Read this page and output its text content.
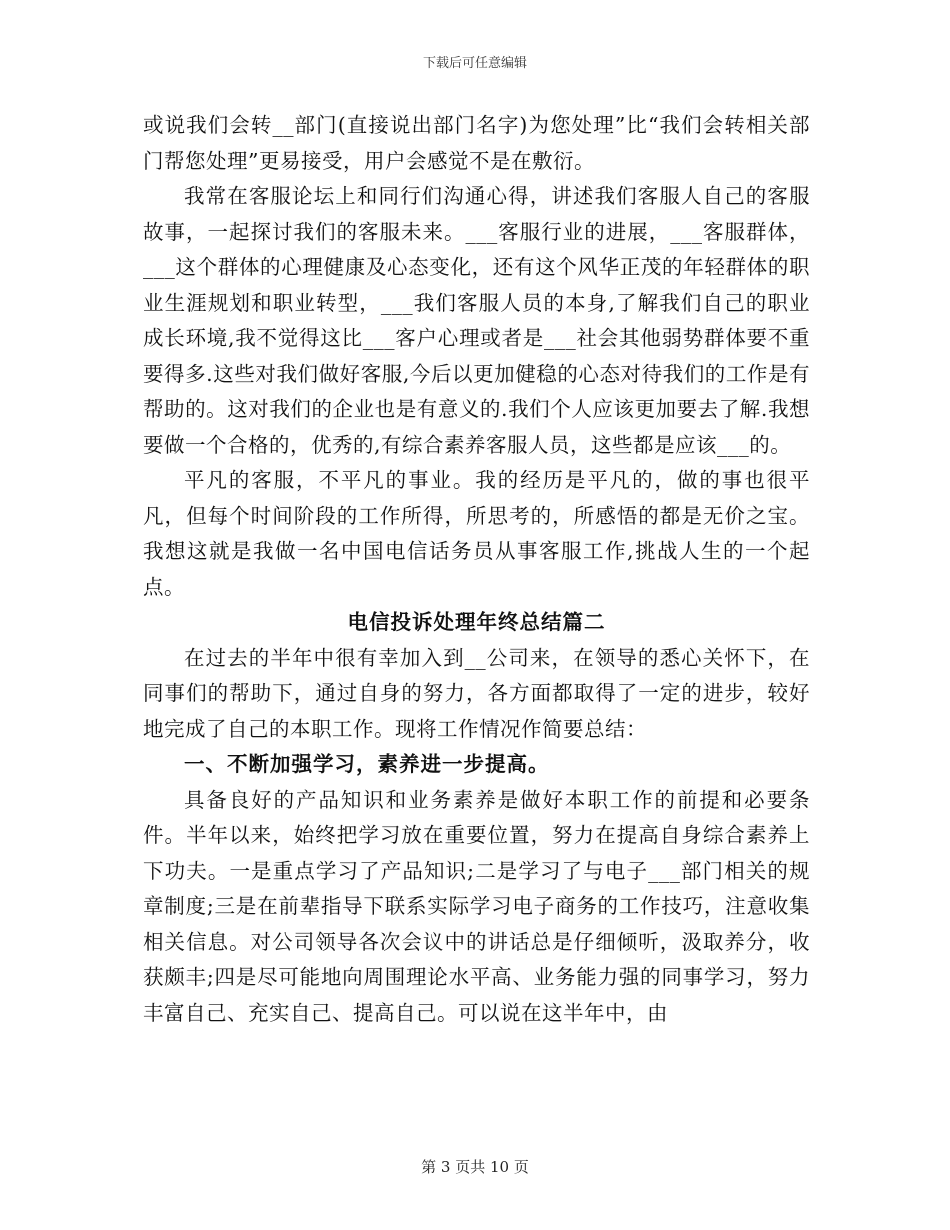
下载后可任意编辑

或说我们会转__部门(直接说出部门名字)为您处理”比“我们会转相关部门帮您处理”更易接受，用户会感觉不是在敷衍。

我常在客服论坛上和同行们沟通心得，讲述我们客服人自己的客服故事，一起探讨我们的客服未来。___客服行业的进展，___客服群体，___这个群体的心理健康及心态变化，还有这个风华正茂的年轻群体的职业生涯规划和职业转型，___我们客服人员的本身,了解我们自己的职业成长环境,我不觉得这比___客户心理或者是___社会其他弱势群体要不重要得多.这些对我们做好客服,今后以更加健稳的心态对待我们的工作是有帮助的。这对我们的企业也是有意义的.我们个人应该更加要去了解.我想要做一个合格的，优秀的,有综合素养客服人员，这些都是应该___的。

平凡的客服，不平凡的事业。我的经历是平凡的，做的事也很平凡，但每个时间阶段的工作所得，所思考的，所感悟的都是无价之宝。我想这就是我做一名中国电信话务员从事客服工作,挑战人生的一个起点。

电信投诉处理年终总结篇二

在过去的半年中很有幸加入到__公司来，在领导的悉心关怀下，在同事们的帮助下，通过自身的努力，各方面都取得了一定的进步，较好地完成了自己的本职工作。现将工作情况作简要总结：

一、不断加强学习，素养进一步提高。

具备良好的产品知识和业务素养是做好本职工作的前提和必要条件。半年以来，始终把学习放在重要位置，努力在提高自身综合素养上下功夫。一是重点学习了产品知识;二是学习了与电子___部门相关的规章制度;三是在前辈指导下联系实际学习电子商务的工作技巧，注意收集相关信息。对公司领导各次会议中的讲话总是仔细倾听，汲取养分，收获颇丰;四是尽可能地向周围理论水平高、业务能力强的同事学习，努力丰富自己、充实自己、提高自己。可以说在这半年中，由

第 3 页共 10 页
